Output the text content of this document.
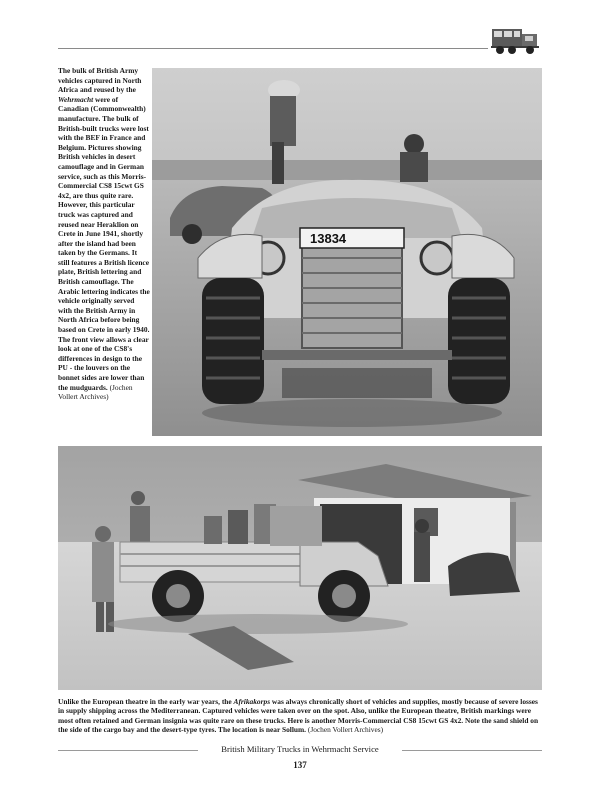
The bulk of British Army vehicles captured in North Africa and reused by the Wehrmacht were of Canadian (Commonwealth) manufacture. The bulk of British-built trucks were lost with the BEF in France and Belgium. Pictures showing British vehicles in desert camouflage and in German service, such as this Morris-Commercial CS8 15cwt GS 4x2, are thus quite rare. However, this particular truck was captured and reused near Heraklion on Crete in June 1941, shortly after the island had been taken by the Germans. It still features a British licence plate, British lettering and British camouflage. The Arabic lettering indicates the vehicle originally served with the British Army in North Africa before being based on Crete in early 1940. The front view allows a clear look at one of the CS8's differences in design to the PU - the louvers on the bonnet sides are lower than the mudguards. (Jochen Vollert Archives)
13834
Unlike the European theatre in the early war years, the Afrikakorps was always chronically short of vehicles and supplies, mostly because of severe losses in supply shipping across the Mediterranean. Captured vehicles were taken over on the spot. Also, unlike the European theatre, British markings were most often retained and German insignia was quite rare on these trucks. Here is another Morris-Commercial CS8 15cwt GS 4x2. Note the sand shield on the side of the cargo bay and the desert-type tyres. The location is near Sollum. (Jochen Vollert Archives)
British Military Trucks in Wehrmacht Service
137
